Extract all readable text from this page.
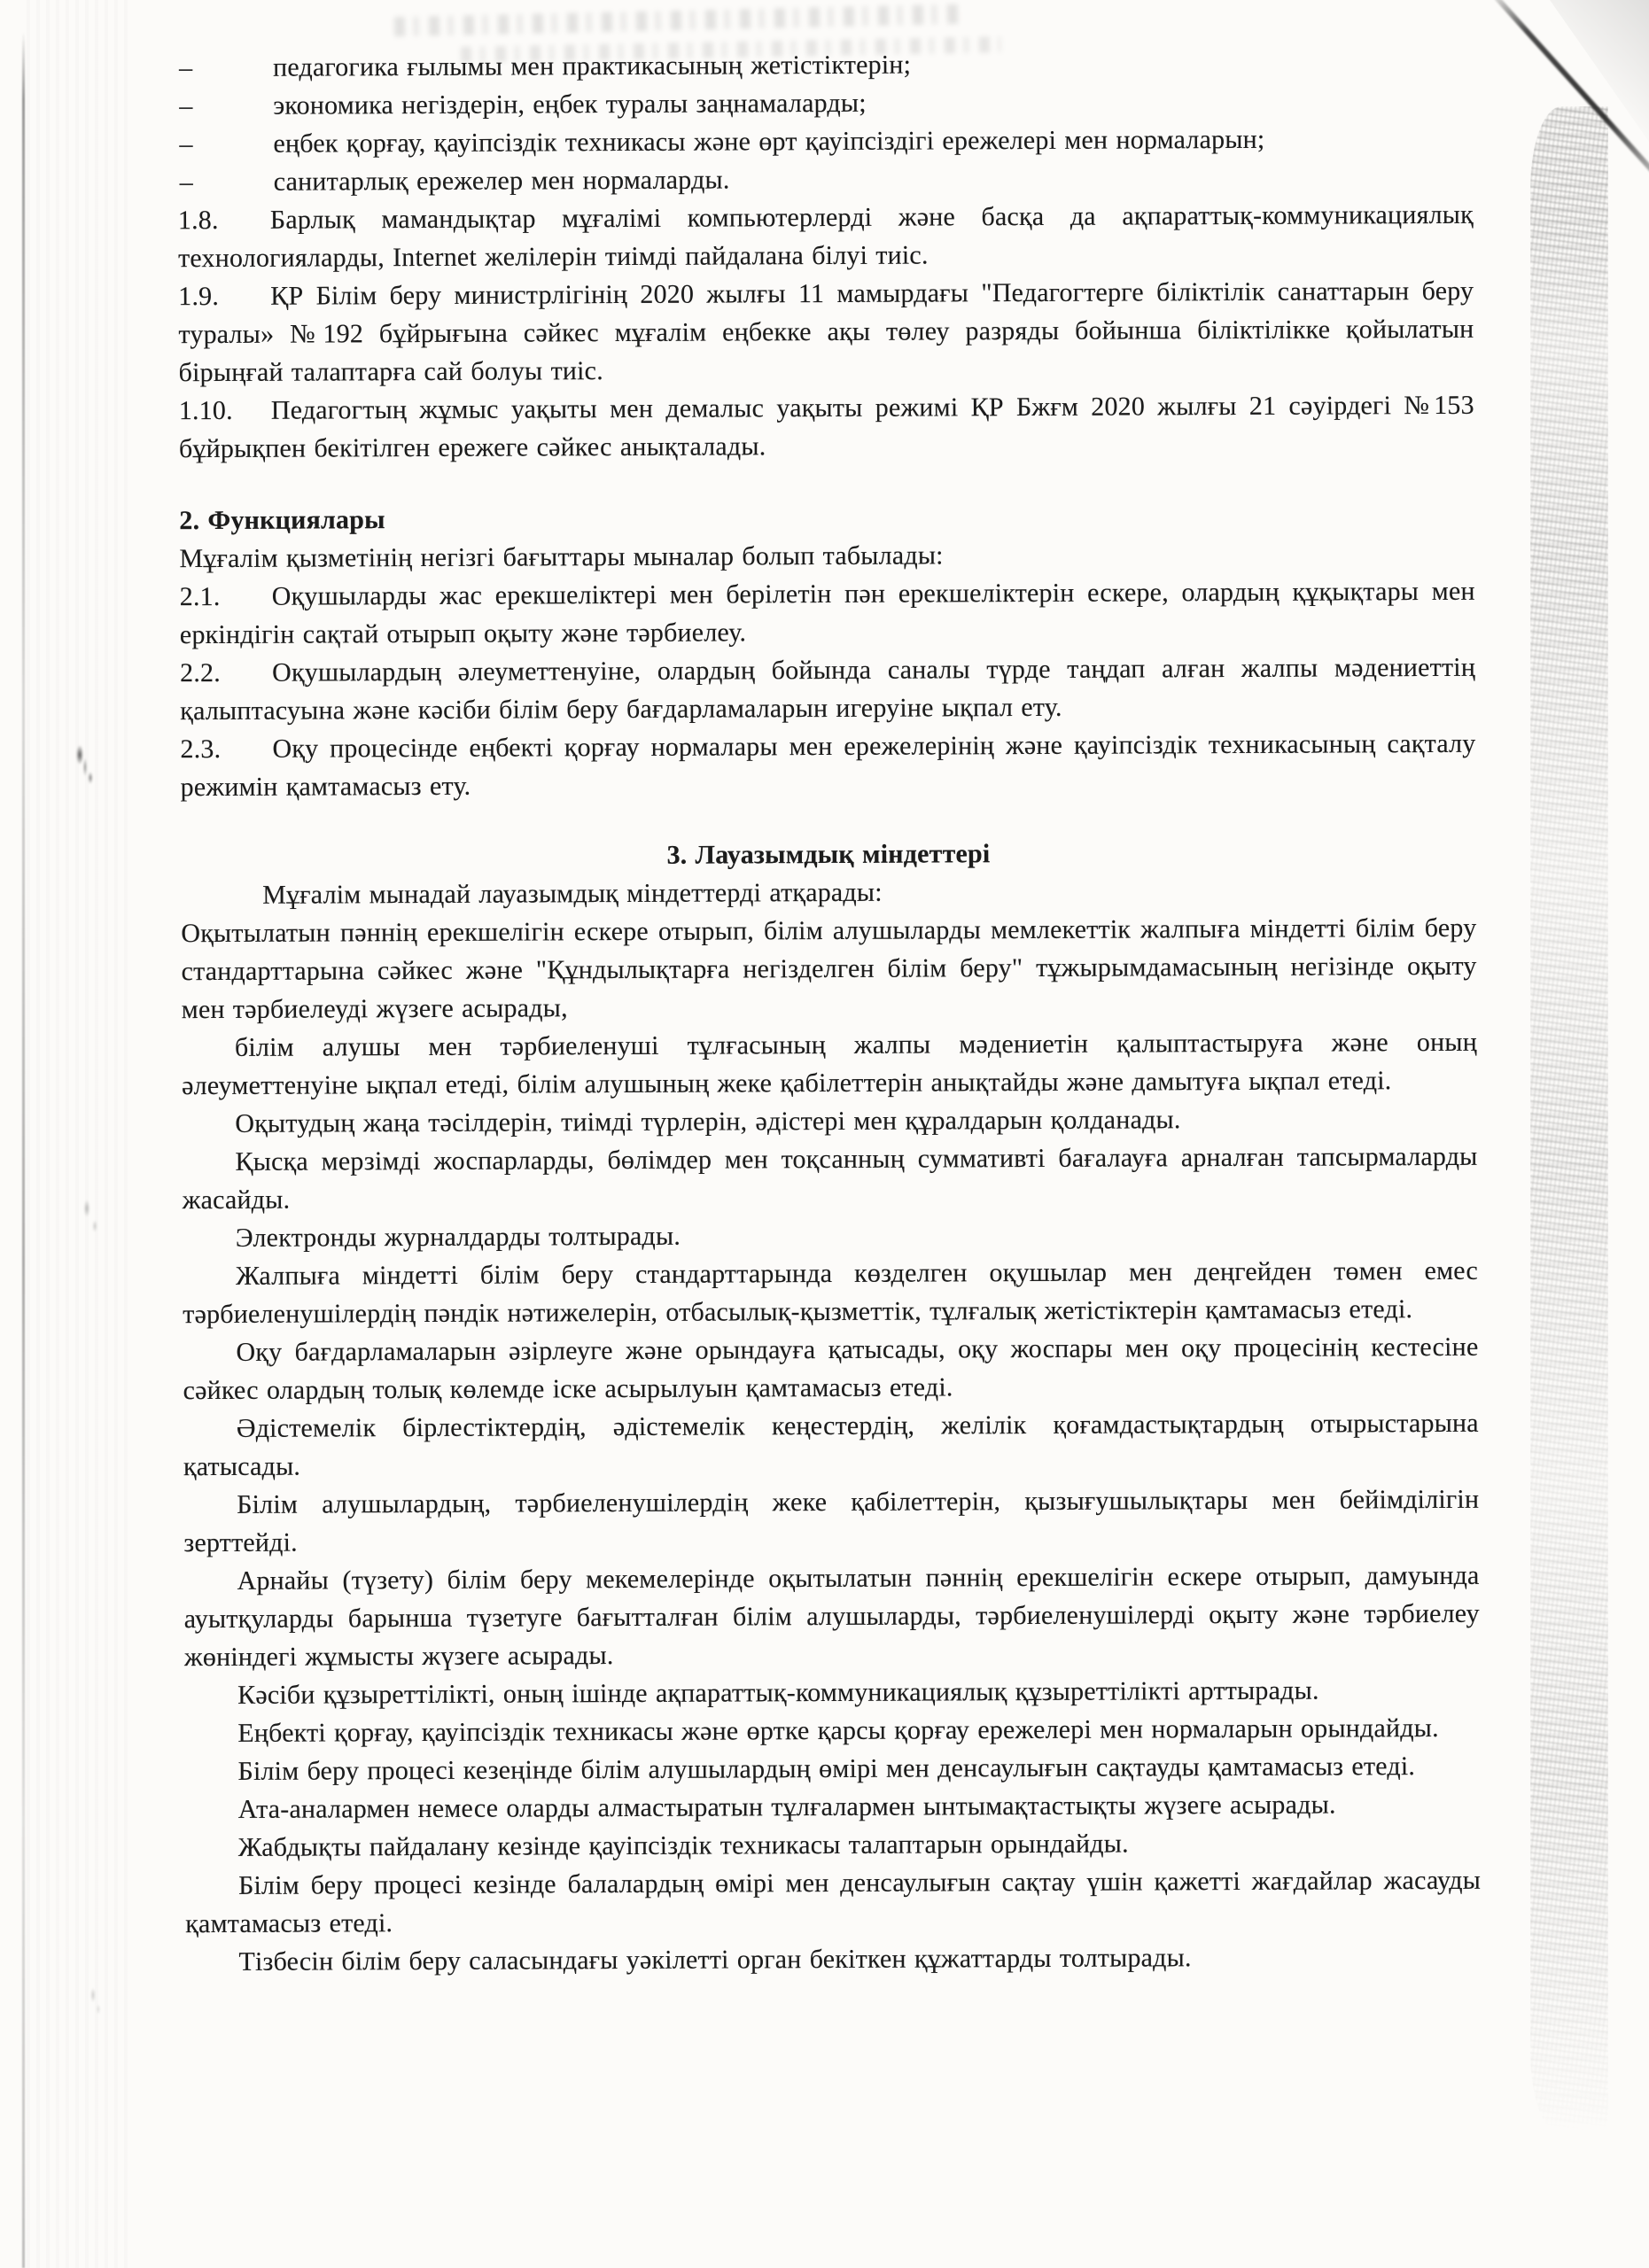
–	педагогика ғылымы мен практикасының жетістіктерін;
–	экономика негіздерін, еңбек туралы заңнамаларды;
–	еңбек қорғау, қауіпсіздік техникасы және өрт қауіпсіздігі ережелері мен нормаларын;
–	санитарлық ережелер мен нормаларды.

1.8. Барлық мамандықтар мұғалімі компьютерлерді және басқа да ақпараттық-коммуникациялық технологияларды, Internet желілерін тиімді пайдалана білуі тиіс.

1.9. ҚР Білім беру министрлігінің 2020 жылғы 11 мамырдағы "Педагогтерге біліктілік санаттарын беру туралы» №192 бұйрығына сәйкес мұғалім еңбекке ақы төлеу разряды бойынша біліктілікке қойылатын бірыңғай талаптарға сай болуы тиіс.

1.10. Педагогтың жұмыс уақыты мен демалыс уақыты режимі ҚР Бжғм 2020 жылғы 21 сәуірдегі №153 бұйрықпен бекітілген ережеге сәйкес анықталады.

2. Функциялары

Мұғалім қызметінің негізгі бағыттары мыналар болып табылады:

2.1. Оқушыларды жас ерекшеліктері мен берілетін пән ерекшеліктерін ескере, олардың құқықтары мен еркіндігін сақтай отырып оқыту және тәрбиелеу.

2.2. Оқушылардың әлеуметтенуіне, олардың бойында саналы түрде таңдап алған жалпы мәдениеттің қалыптасуына және кәсіби білім беру бағдарламаларын игеруіне ықпал ету.

2.3. Оқу процесінде еңбекті қорғау нормалары мен ережелерінің және қауіпсіздік техникасының сақталу режимін қамтамасыз ету.

3. Лауазымдық міндеттері

Мұғалім мынадай лауазымдық міндеттерді атқарады:

Оқытылатын пәннің ерекшелігін ескере отырып, білім алушыларды мемлекеттік жалпыға міндетті білім беру стандарттарына сәйкес және "Құндылықтарға негізделген білім беру" тұжырымдамасының негізінде оқыту мен тәрбиелеуді жүзеге асырады,

білім алушы мен тәрбиеленуші тұлғасының жалпы мәдениетін қалыптастыруға және оның әлеуметтенуіне ықпал етеді, білім алушының жеке қабілеттерін анықтайды және дамытуға ықпал етеді.

Оқытудың жаңа тәсілдерін, тиімді түрлерін, әдістері мен құралдарын қолданады.

Қысқа мерзімді жоспарларды, бөлімдер мен тоқсанның суммативті бағалауға арналған тапсырмаларды жасайды.

Электронды журналдарды толтырады.

Жалпыға міндетті білім беру стандарттарында көзделген оқушылар мен деңгейден төмен емес тәрбиеленушілердің пәндік нәтижелерін, отбасылық-қызметтік, тұлғалық жетістіктерін қамтамасыз етеді.

Оқу бағдарламаларын әзірлеуге және орындауға қатысады, оқу жоспары мен оқу процесінің кестесіне сәйкес олардың толық көлемде іске асырылуын қамтамасыз етеді.

Әдістемелік бірлестіктердің, әдістемелік кеңестердің, желілік қоғамдастықтардың отырыстарына қатысады.

Білім алушылардың, тәрбиеленушілердің жеке қабілеттерін, қызығушылықтары мен бейімділігін зерттейді.

Арнайы (түзету) білім беру мекемелерінде оқытылатын пәннің ерекшелігін ескере отырып, дамуында ауытқуларды барынша түзетуге бағытталған білім алушыларды, тәрбиеленушілерді оқыту және тәрбиелеу жөніндегі жұмысты жүзеге асырады.

Кәсіби құзыреттілікті, оның ішінде ақпараттық-коммуникациялық құзыреттілікті арттырады.

Еңбекті қорғау, қауіпсіздік техникасы және өртке қарсы қорғау ережелері мен нормаларын орындайды.

Білім беру процесі кезеңінде білім алушылардың өмірі мен денсаулығын сақтауды қамтамасыз етеді.

Ата-аналармен немесе оларды алмастыратын тұлғалармен ынтымақтастықты жүзеге асырады.

Жабдықты пайдалану кезінде қауіпсіздік техникасы талаптарын орындайды.

Білім беру процесі кезінде балалардың өмірі мен денсаулығын сақтау үшін қажетті жағдайлар жасауды қамтамасыз етеді.

Тізбесін білім беру саласындағы уәкілетті орган бекіткен құжаттарды толтырады.
